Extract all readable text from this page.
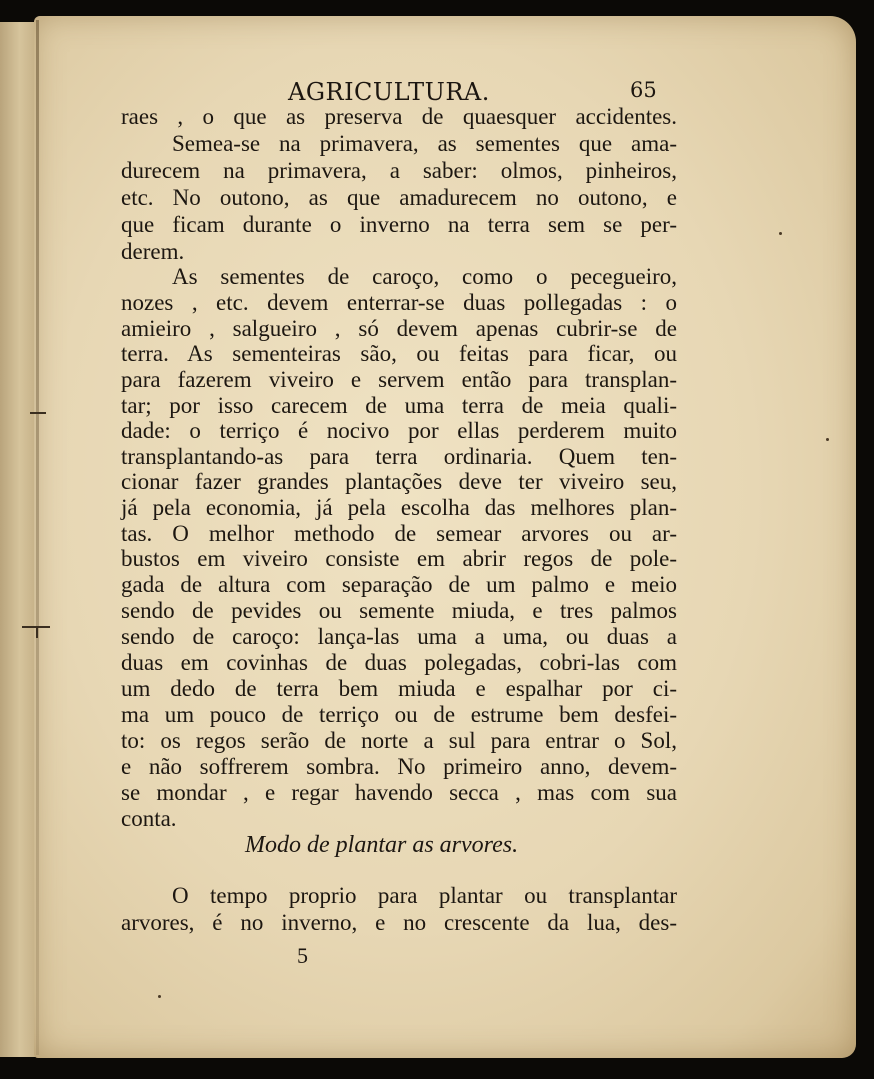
AGRICULTURA.	65
raes , o que as preserva de quaesquer accidentes.
Semea-se na primavera, as sementes que ama-
durecem na primavera, a saber: olmos, pinheiros,
etc. No outono, as que amadurecem no outono, e
que ficam durante o inverno na terra sem se per-
derem.
As sementes de caroço, como o pecegueiro,
nozes , etc. devem enterrar-se duas pollegadas : o
amieiro , salgueiro , só devem apenas cubrir-se de
terra. As sementeiras são, ou feitas para ficar, ou
para fazerem viveiro e servem então para transplan-
tar; por isso carecem de uma terra de meia quali-
dade: o terriço é nocivo por ellas perderem muito
transplantando-as para terra ordinaria. Quem ten-
cionar fazer grandes plantações deve ter viveiro seu,
já pela economia, já pela escolha das melhores plan-
tas. O melhor methodo de semear arvores ou ar-
bustos em viveiro consiste em abrir regos de pole-
gada de altura com separação de um palmo e meio
sendo de pevides ou semente miuda, e tres palmos
sendo de caroço: lança-las uma a uma, ou duas a
duas em covinhas de duas polegadas, cobri-las com
um dedo de terra bem miuda e espalhar por ci-
ma um pouco de terriço ou de estrume bem desfei-
to: os regos serão de norte a sul para entrar o Sol,
e não soffrerem sombra. No primeiro anno, devem-
se mondar , e regar havendo secca , mas com sua
conta.
Modo de plantar as arvores.
O tempo proprio para plantar ou transplantar
arvores, é no inverno, e no crescente da lua, des-
5
